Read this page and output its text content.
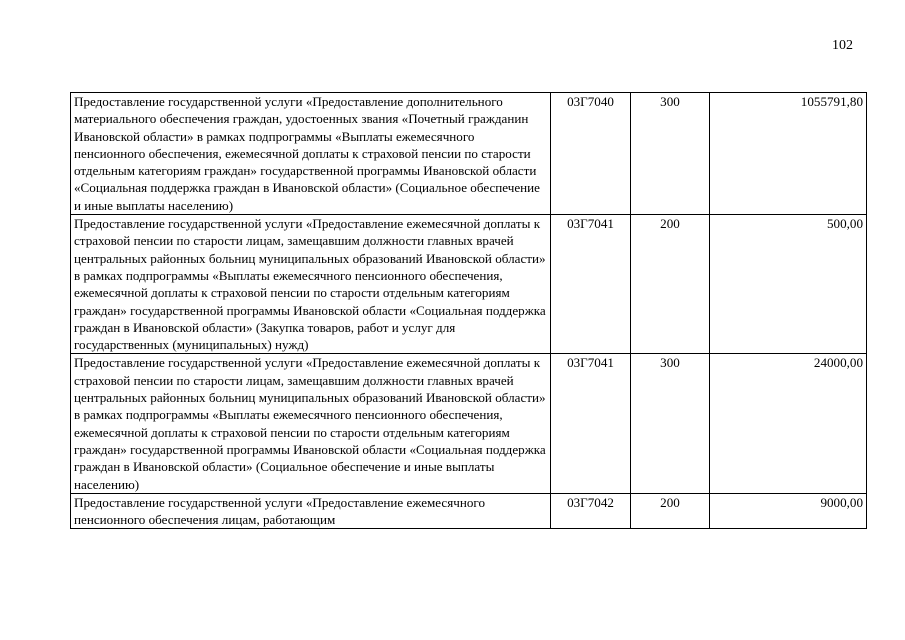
102
Предоставление государственной услуги «Предоставление дополнительного материального обеспечения граждан, удостоенных звания «Почетный гражданин Ивановской области» в рамках подпрограммы «Выплаты ежемесячного пенсионного обеспечения, ежемесячной доплаты к страховой пенсии по старости отдельным категориям граждан» государственной программы Ивановской области «Социальная поддержка граждан в Ивановской области» (Социальное обеспечение и иные выплаты населению)	03Г7040	300	1055791,80
Предоставление государственной услуги «Предоставление ежемесячной доплаты к страховой пенсии по старости лицам, замещавшим должности главных врачей центральных районных больниц муниципальных образований Ивановской области» в рамках подпрограммы «Выплаты ежемесячного пенсионного обеспечения, ежемесячной доплаты к страховой пенсии по старости отдельным категориям граждан» государственной программы Ивановской области «Социальная поддержка граждан в Ивановской области» (Закупка товаров, работ и услуг для государственных (муниципальных) нужд)	03Г7041	200	500,00
Предоставление государственной услуги «Предоставление ежемесячной доплаты к страховой пенсии по старости лицам, замещавшим должности главных врачей центральных районных больниц муниципальных образований Ивановской области» в рамках подпрограммы «Выплаты ежемесячного пенсионного обеспечения, ежемесячной доплаты к страховой пенсии по старости отдельным категориям граждан» государственной программы Ивановской области «Социальная поддержка граждан в Ивановской области» (Социальное обеспечение и иные выплаты населению)	03Г7041	300	24000,00

Предоставление государственной услуги «Предоставление ежемесячного пенсионного обеспечения лицам, работающим	03Г7042	200	9000,00
